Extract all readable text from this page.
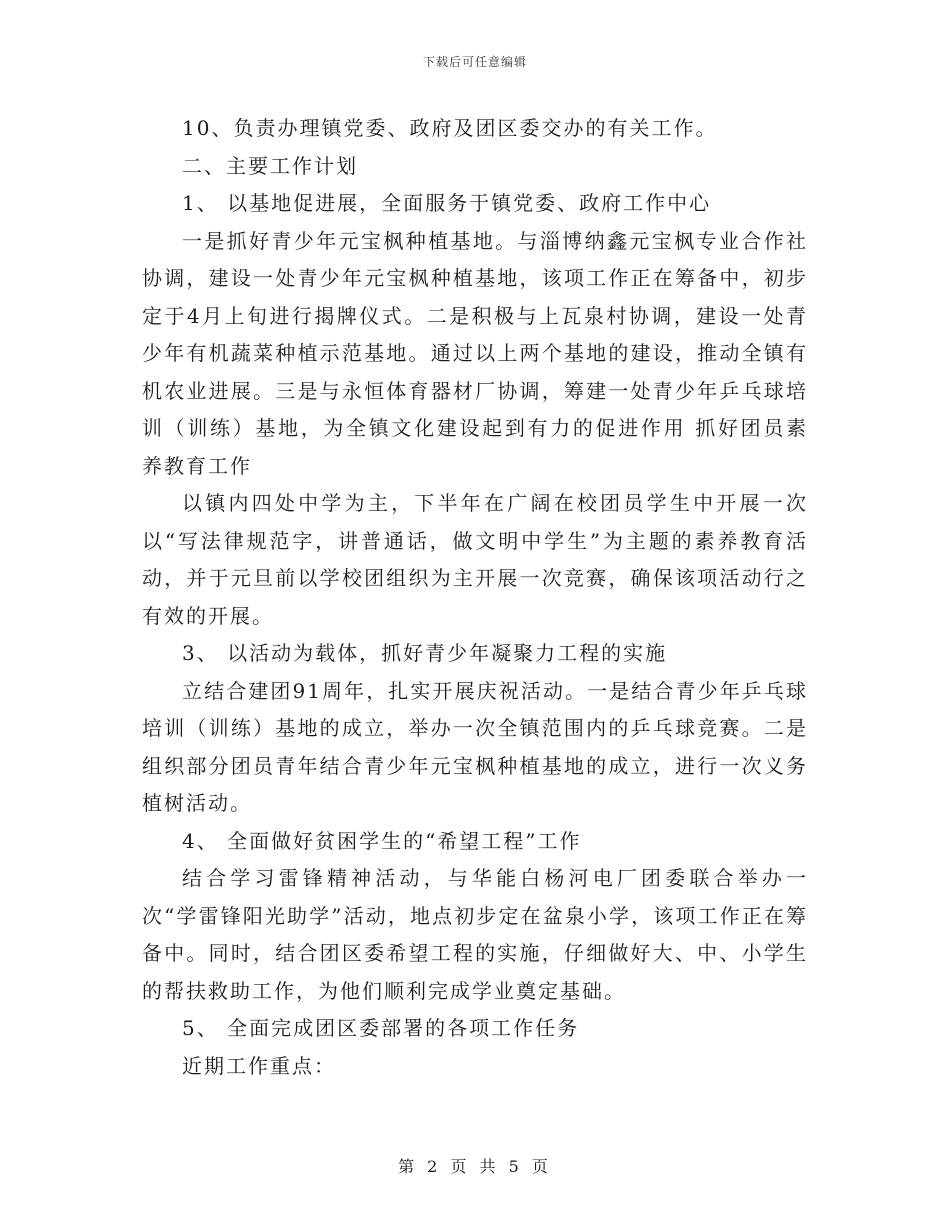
下载后可任意编辑

10、负责办理镇党委、政府及团区委交办的有关工作。

二、主要工作计划

1、 以基地促进展，全面服务于镇党委、政府工作中心

一是抓好青少年元宝枫种植基地。与淄博纳鑫元宝枫专业合作社协调，建设一处青少年元宝枫种植基地，该项工作正在筹备中，初步定于4月上旬进行揭牌仪式。二是积极与上瓦泉村协调，建设一处青少年有机蔬菜种植示范基地。通过以上两个基地的建设，推动全镇有机农业进展。三是与永恒体育器材厂协调，筹建一处青少年乒乓球培训（训练）基地，为全镇文化建设起到有力的促进作用 抓好团员素养教育工作

以镇内四处中学为主，下半年在广阔在校团员学生中开展一次以“写法律规范字，讲普通话，做文明中学生”为主题的素养教育活动，并于元旦前以学校团组织为主开展一次竞赛，确保该项活动行之有效的开展。

3、 以活动为载体，抓好青少年凝聚力工程的实施

立结合建团91周年，扎实开展庆祝活动。一是结合青少年乒乓球培训（训练）基地的成立，举办一次全镇范围内的乒乓球竞赛。二是组织部分团员青年结合青少年元宝枫种植基地的成立，进行一次义务植树活动。

4、 全面做好贫困学生的“希望工程”工作

结合学习雷锋精神活动，与华能白杨河电厂团委联合举办一次“学雷锋阳光助学”活动，地点初步定在盆泉小学，该项工作正在筹备中。同时，结合团区委希望工程的实施，仔细做好大、中、小学生的帮扶救助工作，为他们顺利完成学业奠定基础。

5、 全面完成团区委部署的各项工作任务

近期工作重点：

第 2 页 共 5 页
